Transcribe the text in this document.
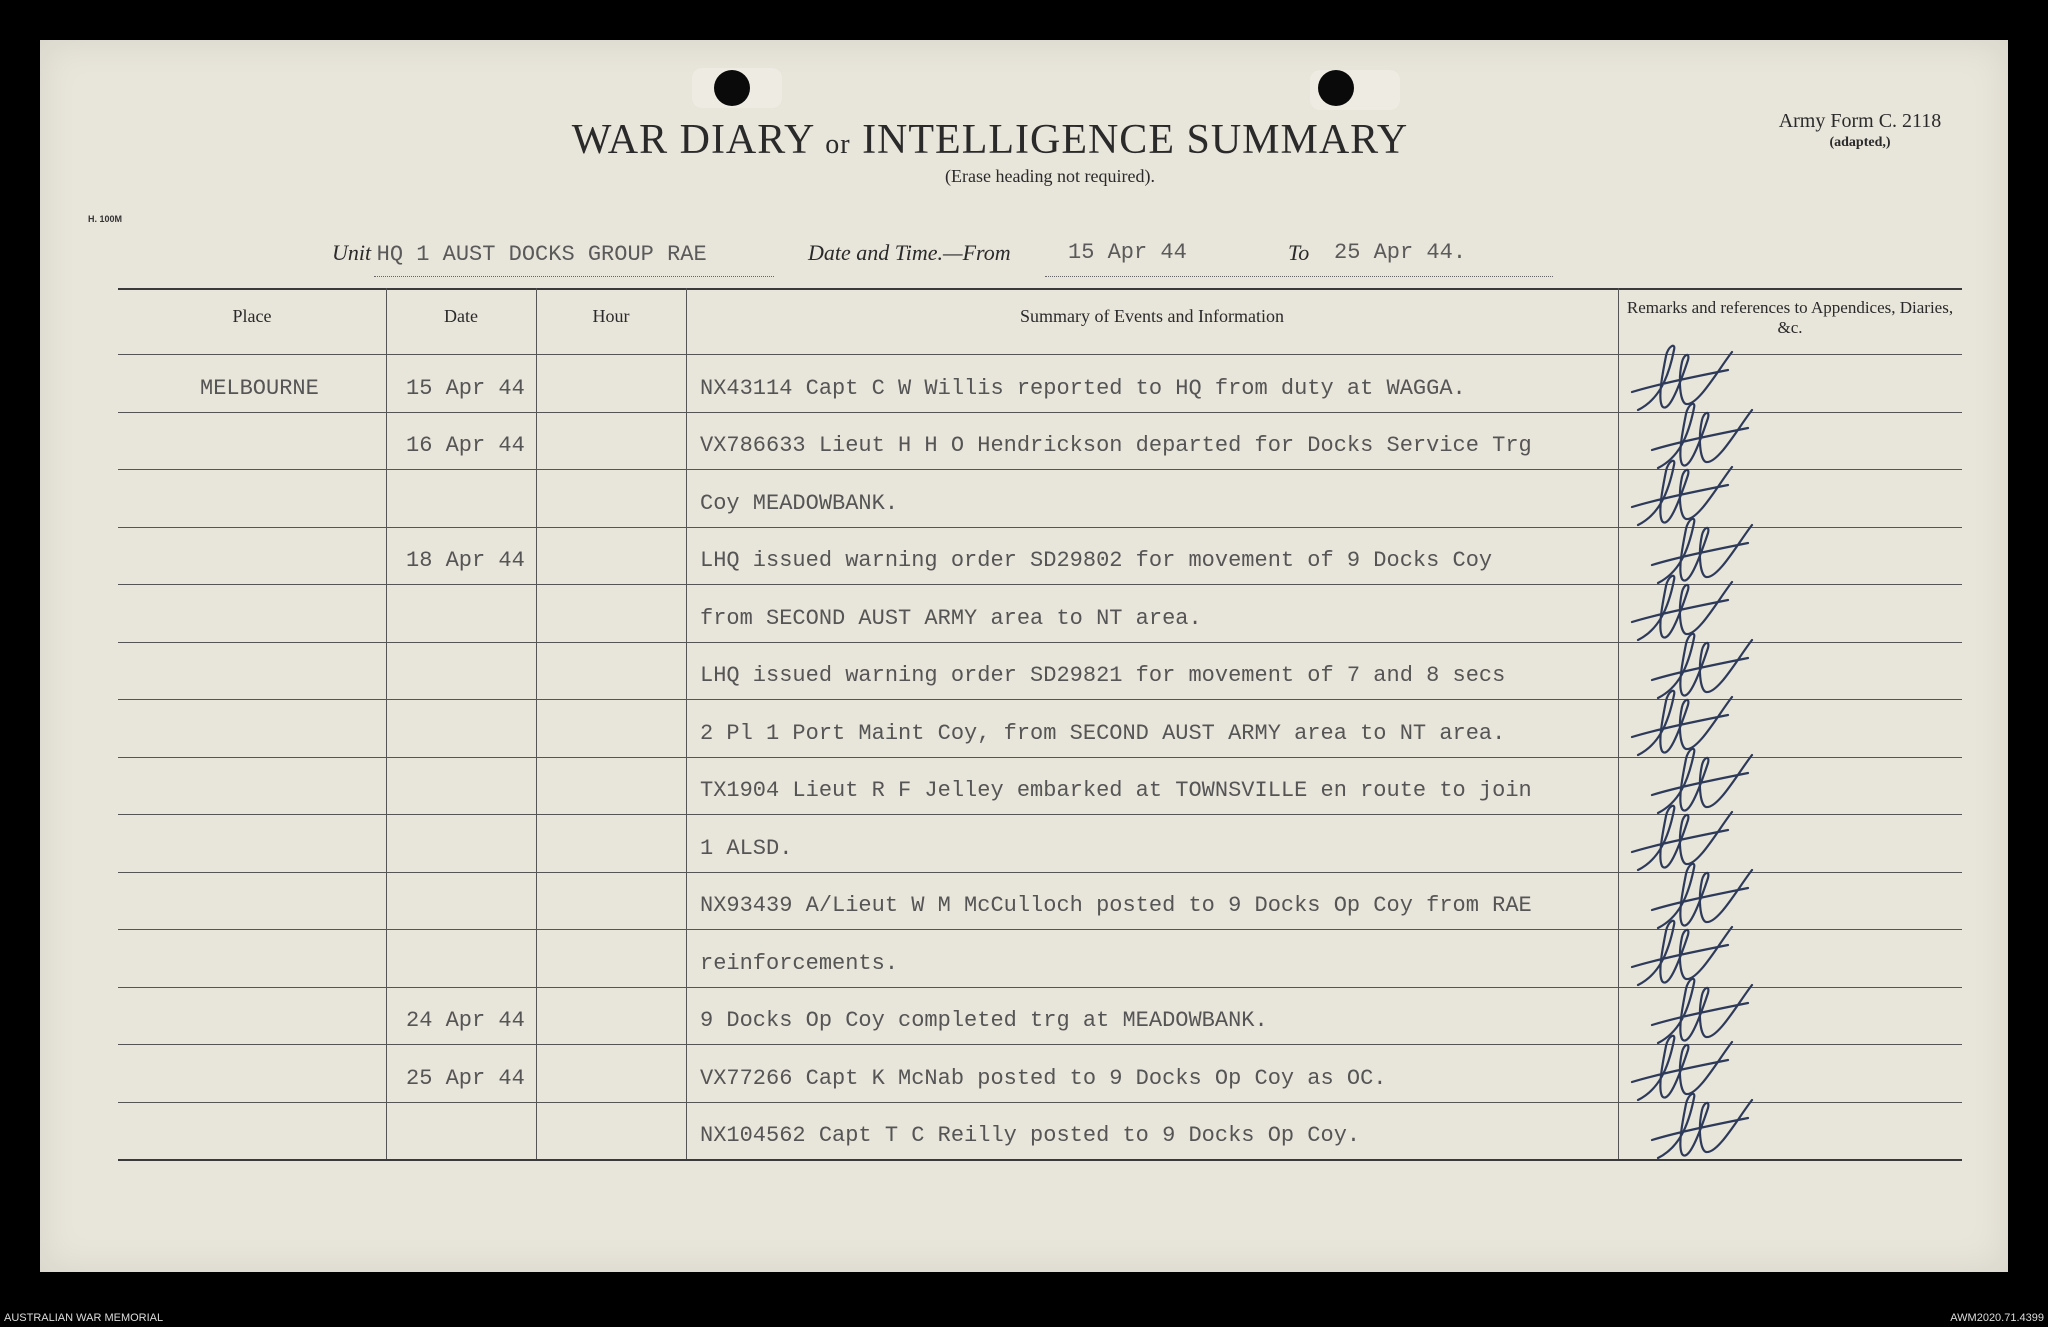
WAR DIARY or INTELLIGENCE SUMMARY
(Erase heading not required).
Army Form C. 2118
(adapted,)
H. 100M
Unit HQ 1 AUST DOCKS GROUP RAE	Date and Time.—From	15 Apr 44	To 25 Apr 44.
Place	Date	Hour	Summary of Events and Information	Remarks and references to Appendices, Diaries, &c.
MELBOURNE	15 Apr 44	NX43114 Capt C W Willis reported to HQ from duty at WAGGA.
16 Apr 44	VX786633 Lieut H H O Hendrickson departed for Docks Service Trg
Coy MEADOWBANK.
18 Apr 44	LHQ issued warning order SD29802 for movement of 9 Docks Coy
from SECOND AUST ARMY area to NT area.
LHQ issued warning order SD29821 for movement of 7 and 8 secs
2 Pl 1 Port Maint Coy, from SECOND AUST ARMY area to NT area.
TX1904 Lieut R F Jelley embarked at TOWNSVILLE en route to join
1 ALSD.
NX93439 A/Lieut W M McCulloch posted to 9 Docks Op Coy from RAE
reinforcements.
24 Apr 44	9 Docks Op Coy completed trg at MEADOWBANK.
25 Apr 44	VX77266 Capt K McNab posted to 9 Docks Op Coy as OC.
NX104562 Capt T C Reilly posted to 9 Docks Op Coy.
AUSTRALIAN WAR MEMORIAL	AWM2020.71.4399
